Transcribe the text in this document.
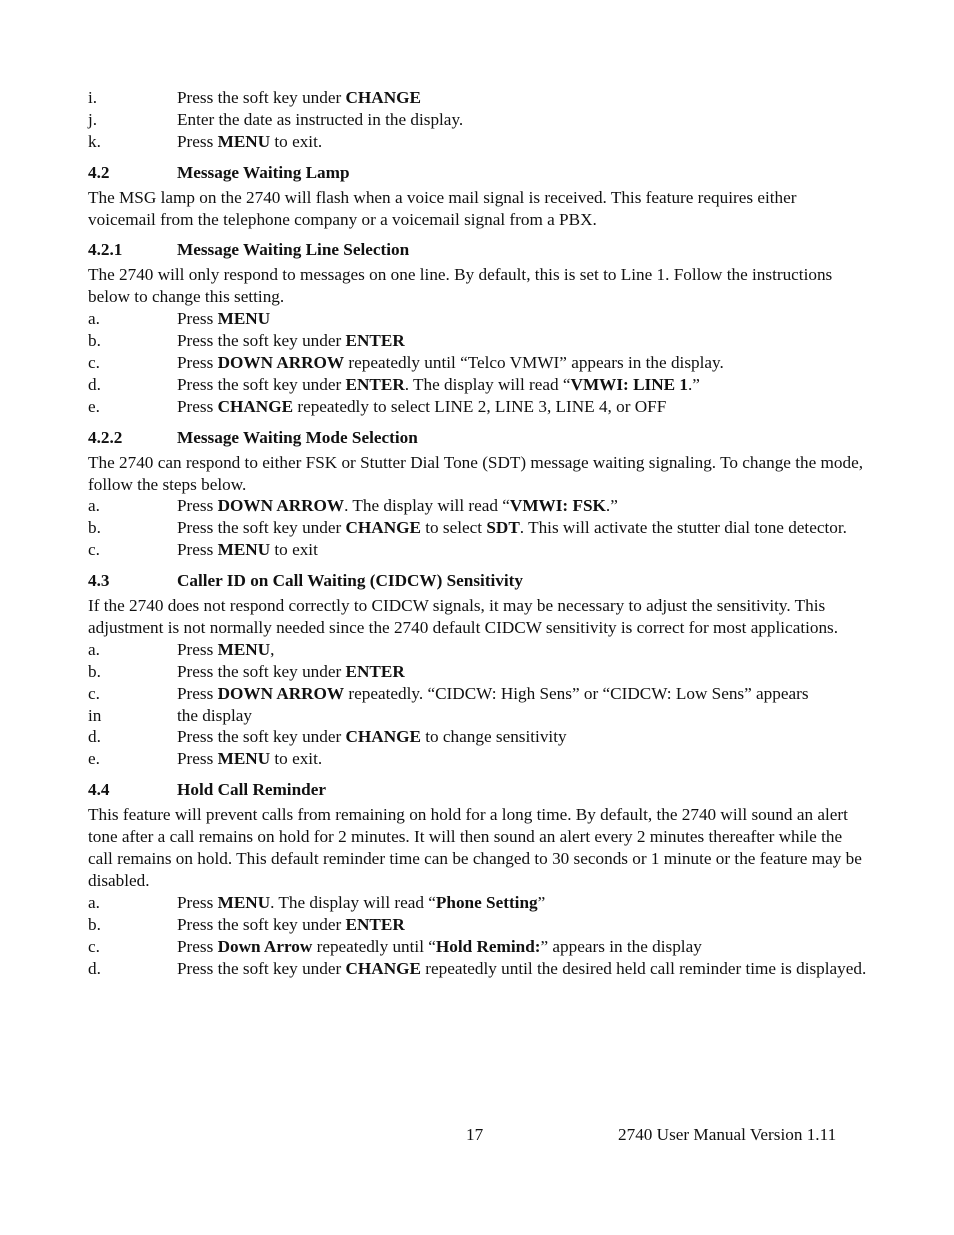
i.	Press the soft key under CHANGE
j.	Enter the date as instructed in the display.
k.	Press MENU to exit.
4.2	Message Waiting Lamp
The MSG lamp on the 2740 will flash when a voice mail signal is received. This feature requires either voicemail from the telephone company or a voicemail signal from a PBX.
4.2.1	Message Waiting Line Selection
The 2740 will only respond to messages on one line. By default, this is set to Line 1. Follow the instructions below to change this setting.
a.	Press MENU
b.	Press the soft key under ENTER
c.	Press DOWN ARROW repeatedly until “Telco VMWI” appears in the display.
d.	Press the soft key under ENTER. The display will read “VMWI: LINE 1.”
e.	Press CHANGE repeatedly to select LINE 2, LINE 3, LINE 4, or OFF
4.2.2	Message Waiting Mode Selection
The 2740 can respond to either FSK or Stutter Dial Tone (SDT) message waiting signaling. To change the mode, follow the steps below.
a.	Press DOWN ARROW. The display will read “VMWI: FSK.”
b.	Press the soft key under CHANGE to select SDT. This will activate the stutter dial tone detector.
c.	Press MENU to exit
4.3	Caller ID on Call Waiting (CIDCW) Sensitivity
If the 2740 does not respond correctly to CIDCW signals, it may be necessary to adjust the sensitivity. This adjustment is not normally needed since the 2740 default CIDCW sensitivity is correct for most applications.
a.	Press MENU,
b.	Press the soft key under ENTER
c.	Press DOWN ARROW repeatedly. “CIDCW: High Sens” or “CIDCW: Low Sens” appears
in	the display
d.	Press the soft key under CHANGE to change sensitivity
e.	Press MENU to exit.
4.4	Hold Call Reminder
This feature will prevent calls from remaining on hold for a long time. By default, the 2740 will sound an alert tone after a call remains on hold for 2 minutes. It will then sound an alert every 2 minutes thereafter while the call remains on hold. This default reminder time can be changed to 30 seconds or 1 minute or the feature may be disabled.
a.	Press MENU. The display will read “Phone Setting”
b.	Press the soft key under ENTER
c.	Press Down Arrow repeatedly until “Hold Remind:” appears in the display
d.	Press the soft key under CHANGE repeatedly until the desired held call reminder time is displayed.
17	2740 User Manual Version 1.11
